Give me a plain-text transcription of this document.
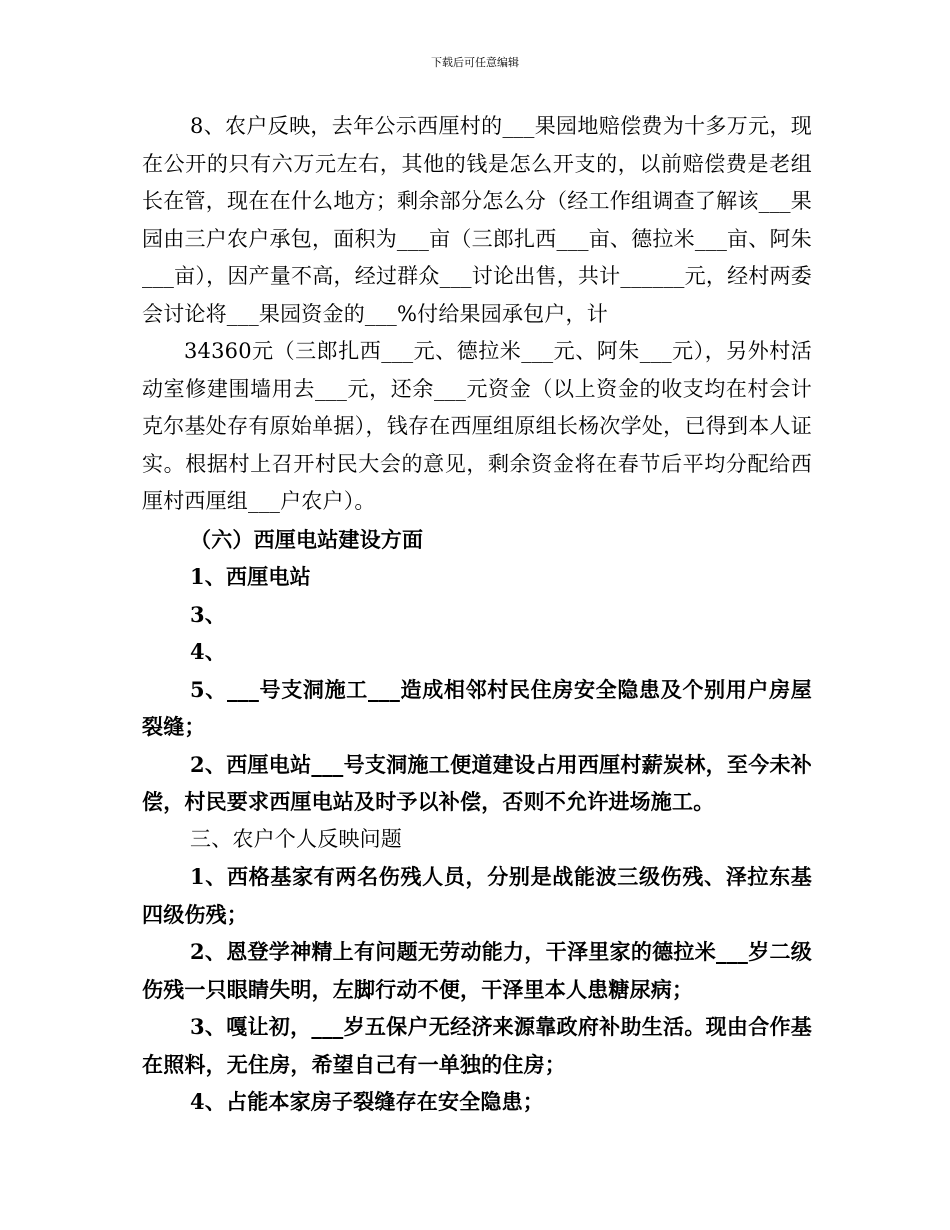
下载后可任意编辑

8、农户反映，去年公示西厘村的___果园地赔偿费为十多万元，现在公开的只有六万元左右，其他的钱是怎么开支的，以前赔偿费是老组长在管，现在在什么地方；剩余部分怎么分（经工作组调查了解该___果园由三户农户承包，面积为___亩（三郎扎西___亩、德拉米___亩、阿朱___亩），因产量不高，经过群众___讨论出售，共计______元，经村两委会讨论将___果园资金的___%付给果园承包户，计

34360元（三郎扎西___元、德拉米___元、阿朱___元），另外村活动室修建围墙用去___元，还余___元资金（以上资金的收支均在村会计克尔基处存有原始单据），钱存在西厘组原组长杨次学处，已得到本人证实。根据村上召开村民大会的意见，剩余资金将在春节后平均分配给西厘村西厘组___户农户）。

（六）西厘电站建设方面

1、西厘电站

3、

4、

5、___号支洞施工___造成相邻村民住房安全隐患及个别用户房屋裂缝；

2、西厘电站___号支洞施工便道建设占用西厘村薪炭林，至今未补偿，村民要求西厘电站及时予以补偿，否则不允许进场施工。

三、农户个人反映问题

1、西格基家有两名伤残人员，分别是战能波三级伤残、泽拉东基四级伤残；

2、恩登学神精上有问题无劳动能力，干泽里家的德拉米___岁二级伤残一只眼睛失明，左脚行动不便，干泽里本人患糖尿病；

3、嘎让初，___岁五保户无经济来源靠政府补助生活。现由合作基在照料，无住房，希望自己有一单独的住房；

4、占能本家房子裂缝存在安全隐患；
